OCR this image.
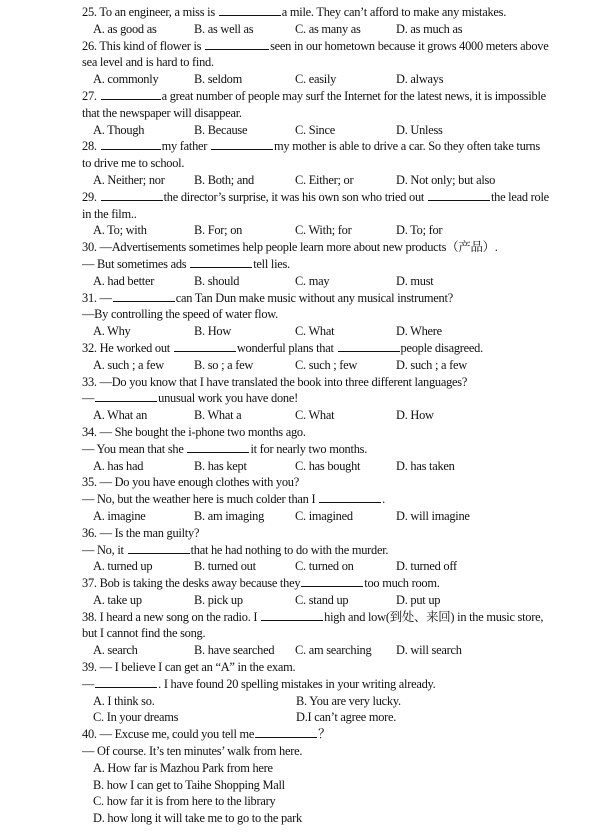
25. To an engineer, a miss is	a mile. They can’t afford to make any mistakes.
A. as good as	B. as well as	C. as many as	D. as much as
26. This kind of flower is	seen in our hometown because it grows 4000 meters above
sea level and is hard to find.
A. commonly	B. seldom	C. easily	D. always
27.	a great number of people may surf the Internet for the latest news, it is impossible
that the newspaper will disappear.
A. Though	B. Because	C. Since	D. Unless
28.	my father	my mother is able to drive a car. So they often take turns
to drive me to school.
A. Neither; nor B. Both; and	C. Either; or	D. Not only; but also
29.	the director’s surprise, it was his own son who tried out	the lead role
in the film..
A. To; with	B. For; on	C. With; for	D. To; for
30. —Advertisements sometimes help people learn more about new products（产品）.
— But sometimes ads	tell lies.
A. had better	B. should	C. may	D. must
31. —	can Tan Dun make music without any musical instrument?
—By controlling the speed of water flow.
A. Why	B. How	C. What	D. Where
32. He worked out	wonderful plans that	people disagreed.
A. such ; a few B. so ; a few	C. such ; few	D. such ; a few
33. —Do you know that I have translated the book into three different languages?
—	unusual work you have done!
A. What an	B. What a	C. What	D. How
34. — She bought the i-phone two months ago.
— You mean that she	it for nearly two months.
A. has had	B. has kept	C. has bought	D. has taken
35. — Do you have enough clothes with you?
— No, but the weather here is much colder than I	.
A. imagine	B. am imaging C. imagined	D. will imagine
36. — Is the man guilty?
— No, it	that he had nothing to do with the murder.
A. turned up	B. turned out	C. turned on	D. turned off
37. Bob is taking the desks away because they	too much room.
A. take up	B. pick up	C. stand up	D. put up
38. I heard a new song on the radio. I	high and low(到处、来回) in the music store,
but I cannot find the song.
A. search	B. have searched C. am searching D. will search
39. — I believe I can get an “A” in the exam.
—	. I have found 20 spelling mistakes in your writing already.
A. I think so.	B. You are very lucky.
C. In your dreams	D.I can’t agree more.
40. — Excuse me, could you tell me	？
— Of course. It’s ten minutes’ walk from here.
A. How far is Mazhou Park from here
B. how I can get to Taihe Shopping Mall
C. how far it is from here to the library
D. how long it will take me to go to the park
